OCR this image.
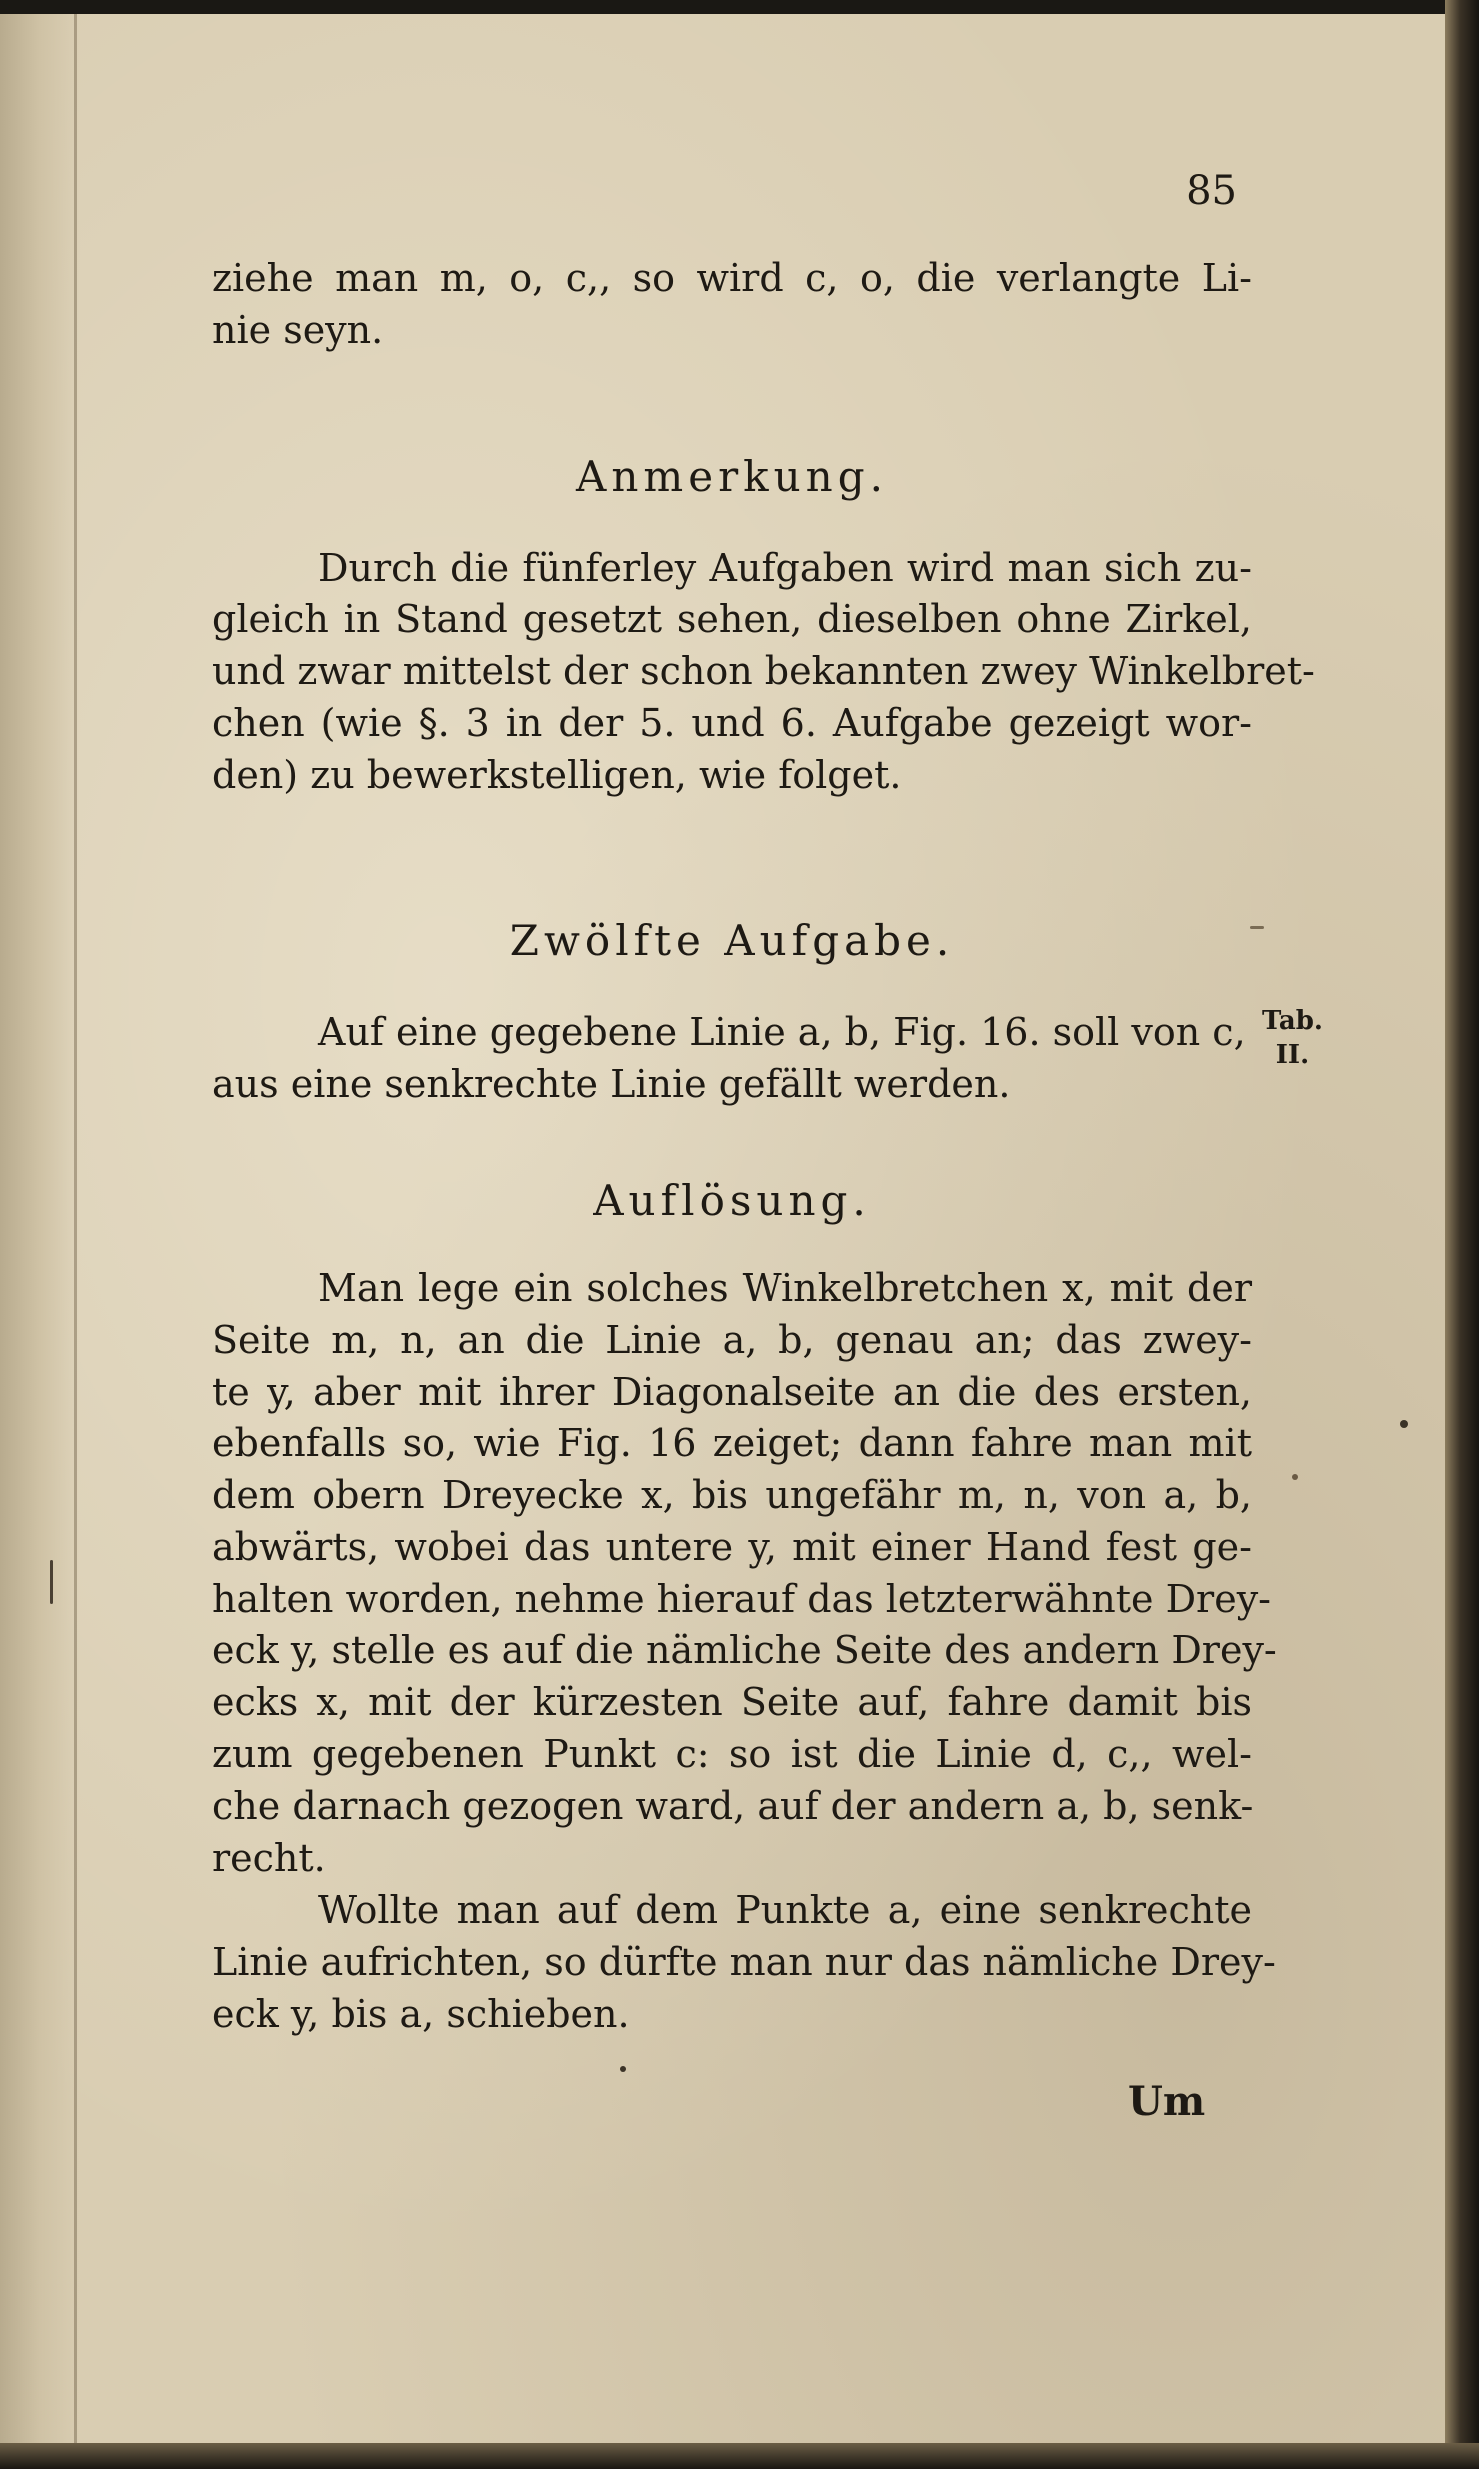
85
ziehe man m, o, c,, so wird c, o, die verlangte Li-
nie seyn.
Anmerkung.
Durch die fünferley Aufgaben wird man sich zu-
gleich in Stand gesetzt sehen, dieselben ohne Zirkel,
und zwar mittelst der schon bekannten zwey Winkelbret-
chen (wie §. 3 in der 5. und 6. Aufgabe gezeigt wor-
den) zu bewerkstelligen, wie folget.
Zwölfte Aufgabe.
Auf eine gegebene Linie a, b, Fig. 16. soll von c,
aus eine senkrechte Linie gefällt werden.
Tab.
II.
Auflösung.
Man lege ein solches Winkelbretchen x, mit der
Seite m, n, an die Linie a, b, genau an; das zwey-
te y, aber mit ihrer Diagonalseite an die des ersten,
ebenfalls so, wie Fig. 16 zeiget; dann fahre man mit
dem obern Dreyecke x, bis ungefähr m, n, von a, b,
abwärts, wobei das untere y, mit einer Hand fest ge-
halten worden, nehme hierauf das letzterwähnte Drey-
eck y, stelle es auf die nämliche Seite des andern Drey-
ecks x, mit der kürzesten Seite auf, fahre damit bis
zum gegebenen Punkt c: so ist die Linie d, c,, wel-
che darnach gezogen ward, auf der andern a, b, senk-
recht.
Wollte man auf dem Punkte a, eine senkrechte
Linie aufrichten, so dürfte man nur das nämliche Drey-
eck y, bis a, schieben.
Um
